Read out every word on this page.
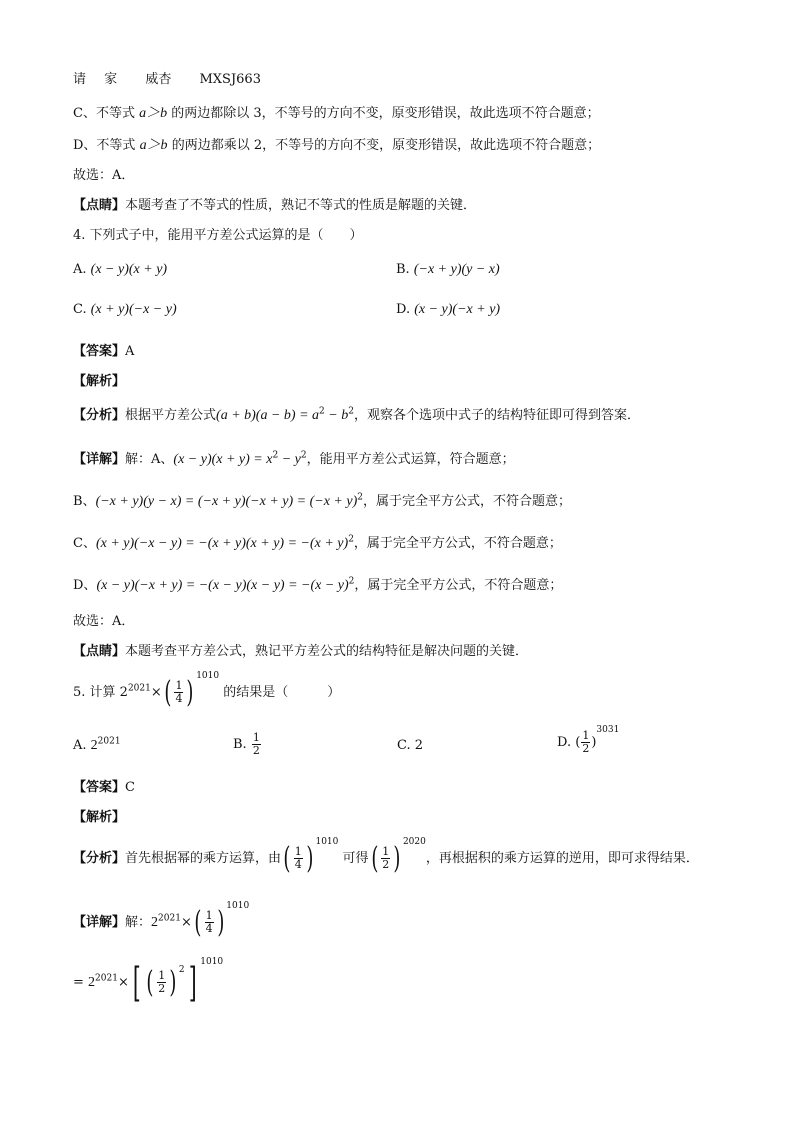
请 家 威杏 MXSJ663
C、不等式 a＞b 的两边都除以 3，不等号的方向不变，原变形错误，故此选项不符合题意；
D、不等式 a＞b 的两边都乘以 2，不等号的方向不变，原变形错误，故此选项不符合题意；
故选：A．
【点睛】本题考查了不等式的性质，熟记不等式的性质是解题的关键．
4. 下列式子中，能用平方差公式运算的是（　　）
A. (x − y)(x + y)	B. (−x + y)(y − x)
C. (x + y)(−x − y)	D. (x − y)(−x + y)
【答案】A
【解析】
【分析】根据平方差公式$(a + b)(a - b) = a^2 - b^2$，观察各个选项中式子的结构特征即可得到答案．
【详解】解：A、$(x - y)(x + y) = x^2 - y^2$，能用平方差公式运算，符合题意；
B、$(-x + y)(y - x) = (-x + y)(-x + y) = (-x + y)^2$，属于完全平方公式，不符合题意；
C、$(x + y)(-x - y) = -(x + y)(x + y) = -(x + y)^2$，属于完全平方公式，不符合题意；
D、$(x - y)(-x + y) = -(x - y)(x - y) = -(x - y)^2$，属于完全平方公式，不符合题意；
故选：A．
【点睛】本题考查平方差公式，熟记平方差公式的结构特征是解决问题的关键．
5. 计算 $2^{2021}\times( \frac{1}{4}$ ) $^{1010}$ 的结果是（　　　）
A. $2^{2021}$	B. $\frac{1}{2}$	C. 2	D. ( $\frac{1}{2} )^{3031}$
【答案】C
【解析】
【分析】首先根据幂的乘方运算，由( $\frac{1}{4}$ ) $^{1010}$ 可得( $\frac{1}{2}$ ) $^{2020}$，再根据积的乘方运算的逆用，即可求得结果．
【详解】解：$2^{2021}\times( \frac{1}{4}$ ) $^{1010}$
= $2^{2021}\times$[ ( $\frac{1}{2}$ ) $^2$] $^{1010}$
